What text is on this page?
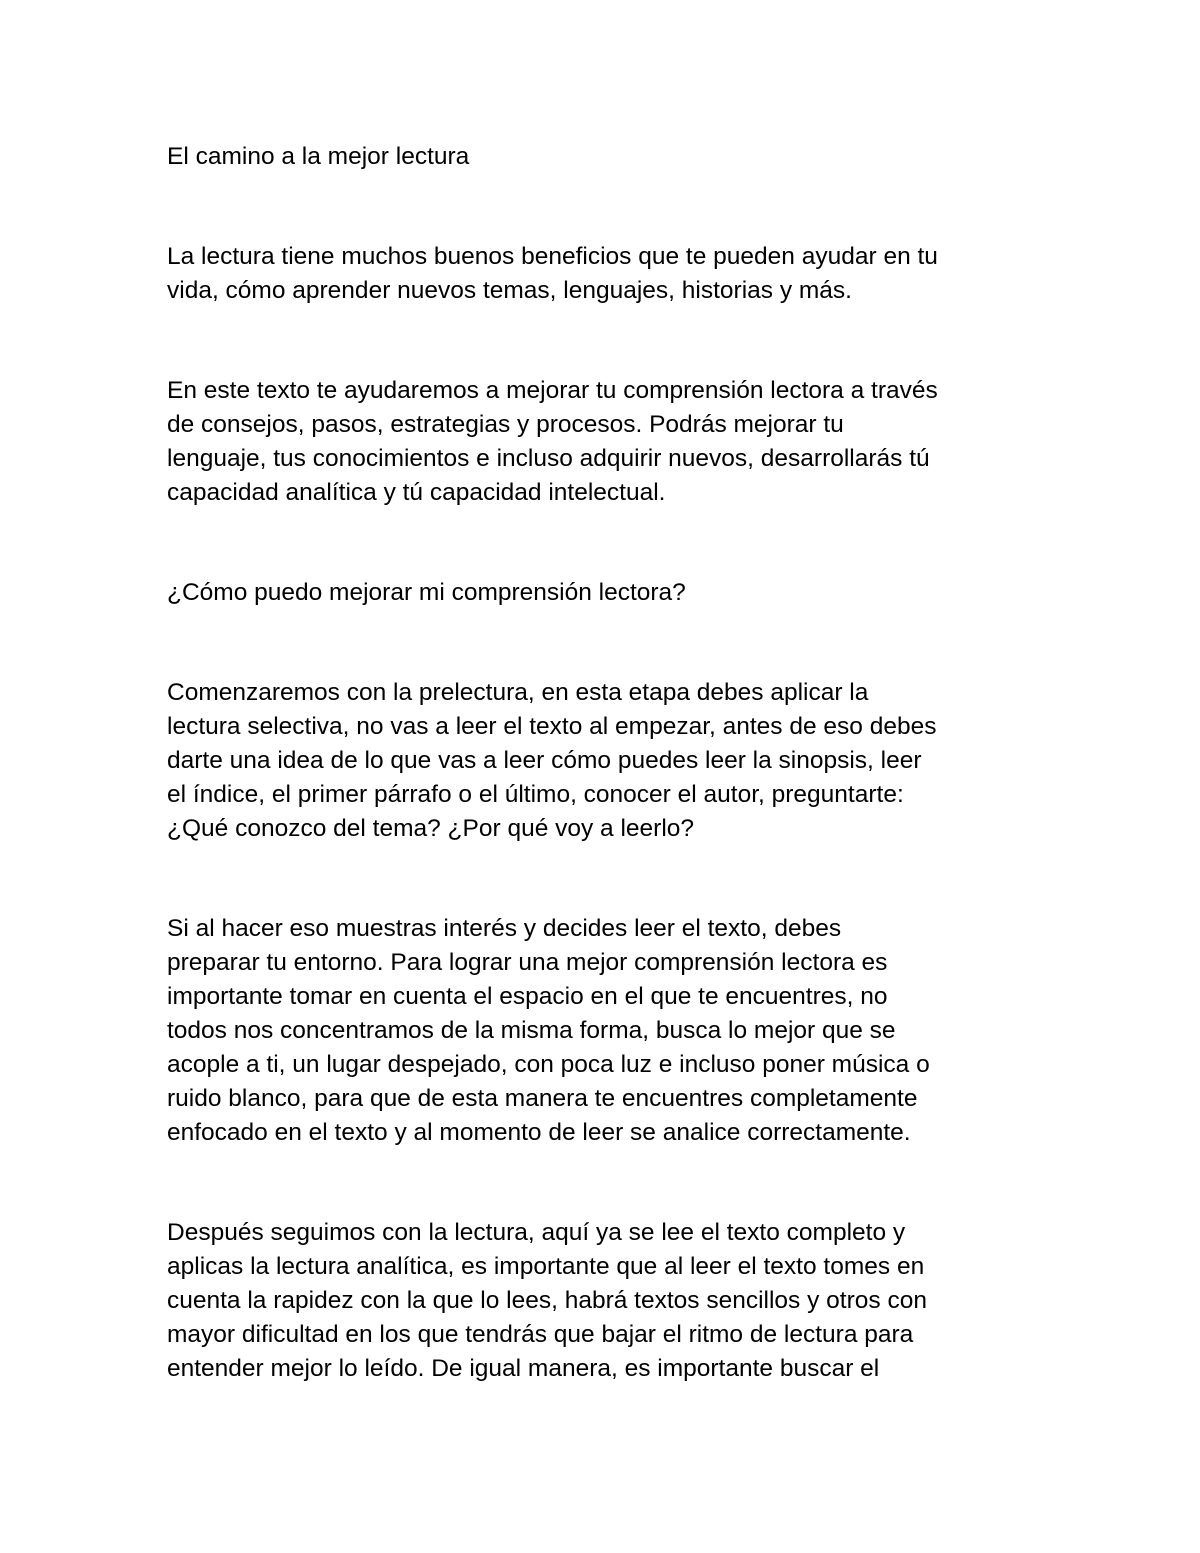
El camino a la mejor lectura

La lectura tiene muchos buenos beneficios que te pueden ayudar en tu
vida, cómo aprender nuevos temas, lenguajes, historias y más.

En este texto te ayudaremos a mejorar tu comprensión lectora a través
de consejos, pasos, estrategias y procesos. Podrás mejorar tu
lenguaje, tus conocimientos e incluso adquirir nuevos, desarrollarás tú
capacidad analítica y tú capacidad intelectual.

¿Cómo puedo mejorar mi comprensión lectora?

Comenzaremos con la prelectura, en esta etapa debes aplicar la
lectura selectiva, no vas a leer el texto al empezar, antes de eso debes
darte una idea de lo que vas a leer cómo puedes leer la sinopsis, leer
el índice, el primer párrafo o el último, conocer el autor, preguntarte:
¿Qué conozco del tema? ¿Por qué voy a leerlo?

Si al hacer eso muestras interés y decides leer el texto, debes
preparar tu entorno. Para lograr una mejor comprensión lectora es
importante tomar en cuenta el espacio en el que te encuentres, no
todos nos concentramos de la misma forma, busca lo mejor que se
acople a ti, un lugar despejado, con poca luz e incluso poner música o
ruido blanco, para que de esta manera te encuentres completamente
enfocado en el texto y al momento de leer se analice correctamente.

Después seguimos con la lectura, aquí ya se lee el texto completo y
aplicas la lectura analítica, es importante que al leer el texto tomes en
cuenta la rapidez con la que lo lees, habrá textos sencillos y otros con
mayor dificultad en los que tendrás que bajar el ritmo de lectura para
entender mejor lo leído. De igual manera, es importante buscar el
